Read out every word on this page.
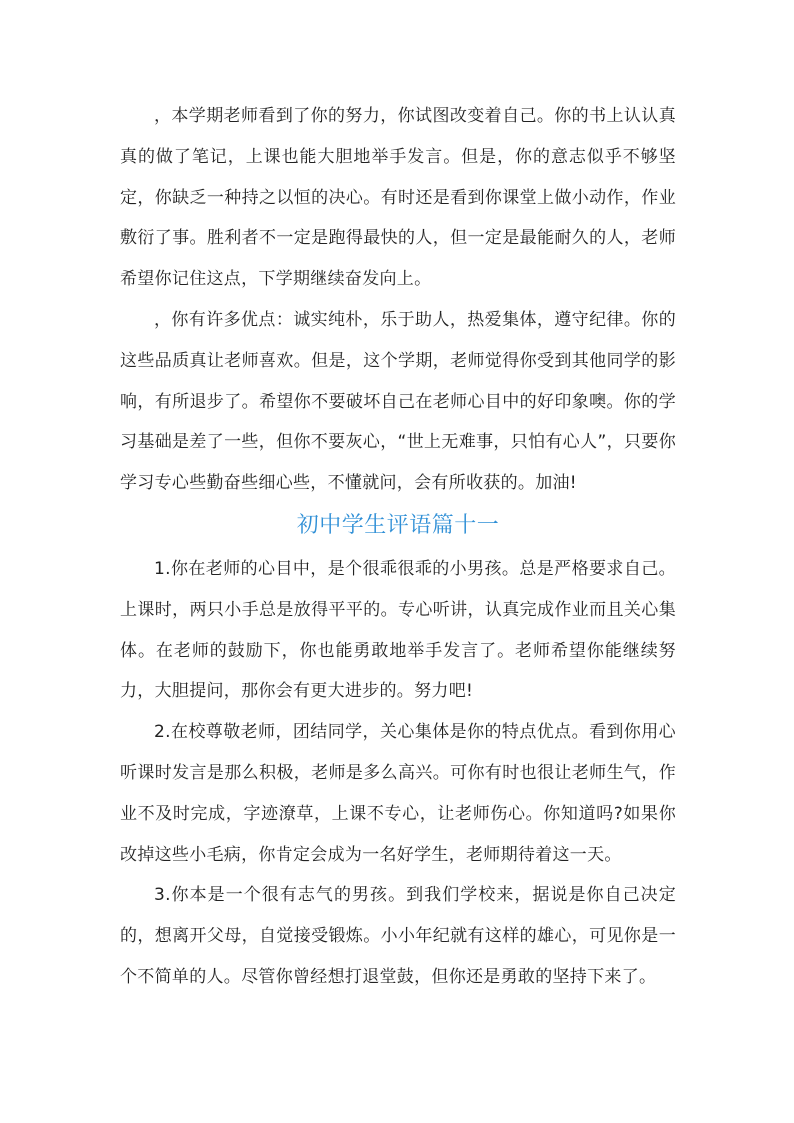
，本学期老师看到了你的努力，你试图改变着自己。你的书上认认真真的做了笔记，上课也能大胆地举手发言。但是，你的意志似乎不够坚定，你缺乏一种持之以恒的决心。有时还是看到你课堂上做小动作，作业敷衍了事。胜利者不一定是跑得最快的人，但一定是最能耐久的人，老师希望你记住这点，下学期继续奋发向上。

，你有许多优点：诚实纯朴，乐于助人，热爱集体，遵守纪律。你的这些品质真让老师喜欢。但是，这个学期，老师觉得你受到其他同学的影响，有所退步了。希望你不要破坏自己在老师心目中的好印象噢。你的学习基础是差了一些，但你不要灰心，“世上无难事，只怕有心人”，只要你学习专心些勤奋些细心些，不懂就问，会有所收获的。加油!

初中学生评语篇十一

1.你在老师的心目中，是个很乖很乖的小男孩。总是严格要求自己。上课时，两只小手总是放得平平的。专心听讲，认真完成作业而且关心集体。在老师的鼓励下，你也能勇敢地举手发言了。老师希望你能继续努力，大胆提问，那你会有更大进步的。努力吧!

2.在校尊敬老师，团结同学，关心集体是你的特点优点。看到你用心听课时发言是那么积极，老师是多么高兴。可你有时也很让老师生气，作业不及时完成，字迹潦草，上课不专心，让老师伤心。你知道吗?如果你改掉这些小毛病，你肯定会成为一名好学生，老师期待着这一天。

3.你本是一个很有志气的男孩。到我们学校来，据说是你自己决定的，想离开父母，自觉接受锻炼。小小年纪就有这样的雄心，可见你是一个不简单的人。尽管你曾经想打退堂鼓，但你还是勇敢的坚持下来了。
